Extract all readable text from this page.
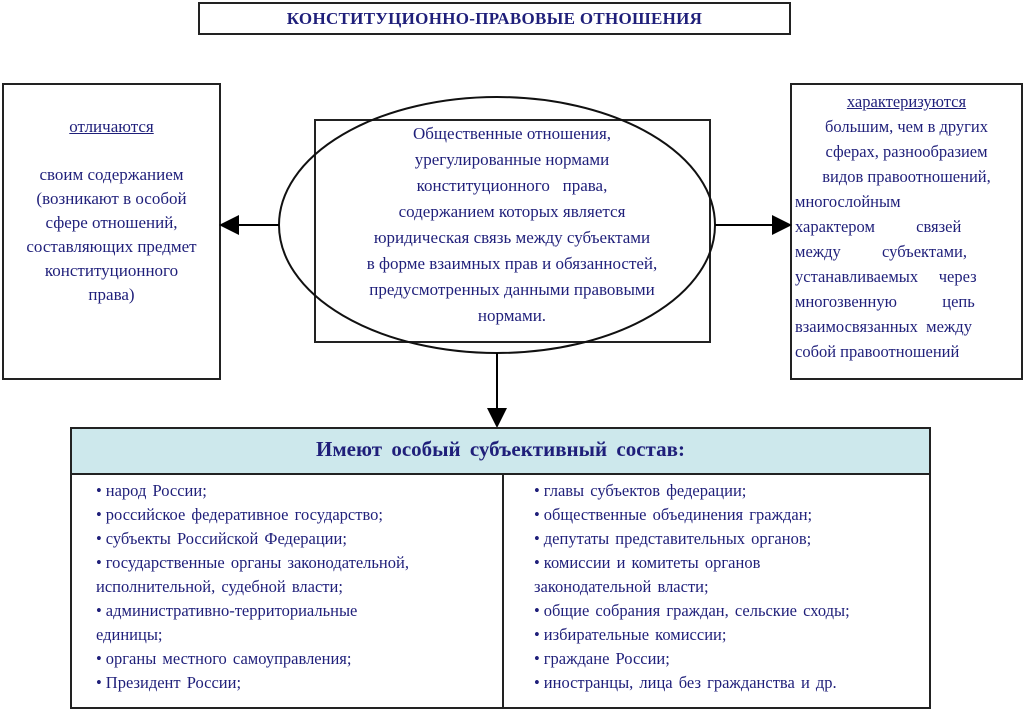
КОНСТИТУЦИОННО-ПРАВОВЫЕ ОТНОШЕНИЯ
отличаются
своим содержанием
(возникают в особой
сфере отношений,
составляющих предмет
конституционного
права)
характеризуются
большим, чем в других
сферах, разнообразием
видов правоотношений,
многослойным
характером          связей
между          субъектами,
устанавливаемых     через
многозвенную           цепь
взаимосвязанных  между
собой правоотношений
Общественные отношения,
урегулированные нормами
конституционного   права,
содержанием которых является
юридическая связь между субъектами
в форме взаимных прав и обязанностей,
предусмотренных данными правовыми
нормами.
Имеют особый субъективный состав:
• народ России;
• российское федеративное государство;
• субъекты Российской Федерации;
• государственные органы законодательной,
исполнительной, судебной власти;
• административно-территориальные
единицы;
• органы местного самоуправления;
• Президент России;
• главы субъектов федерации;
• общественные объединения граждан;
• депутаты представительных органов;
• комиссии и комитеты органов
законодательной власти;
• общие собрания граждан, сельские сходы;
• избирательные комиссии;
• граждане России;
• иностранцы, лица без гражданства и др.
